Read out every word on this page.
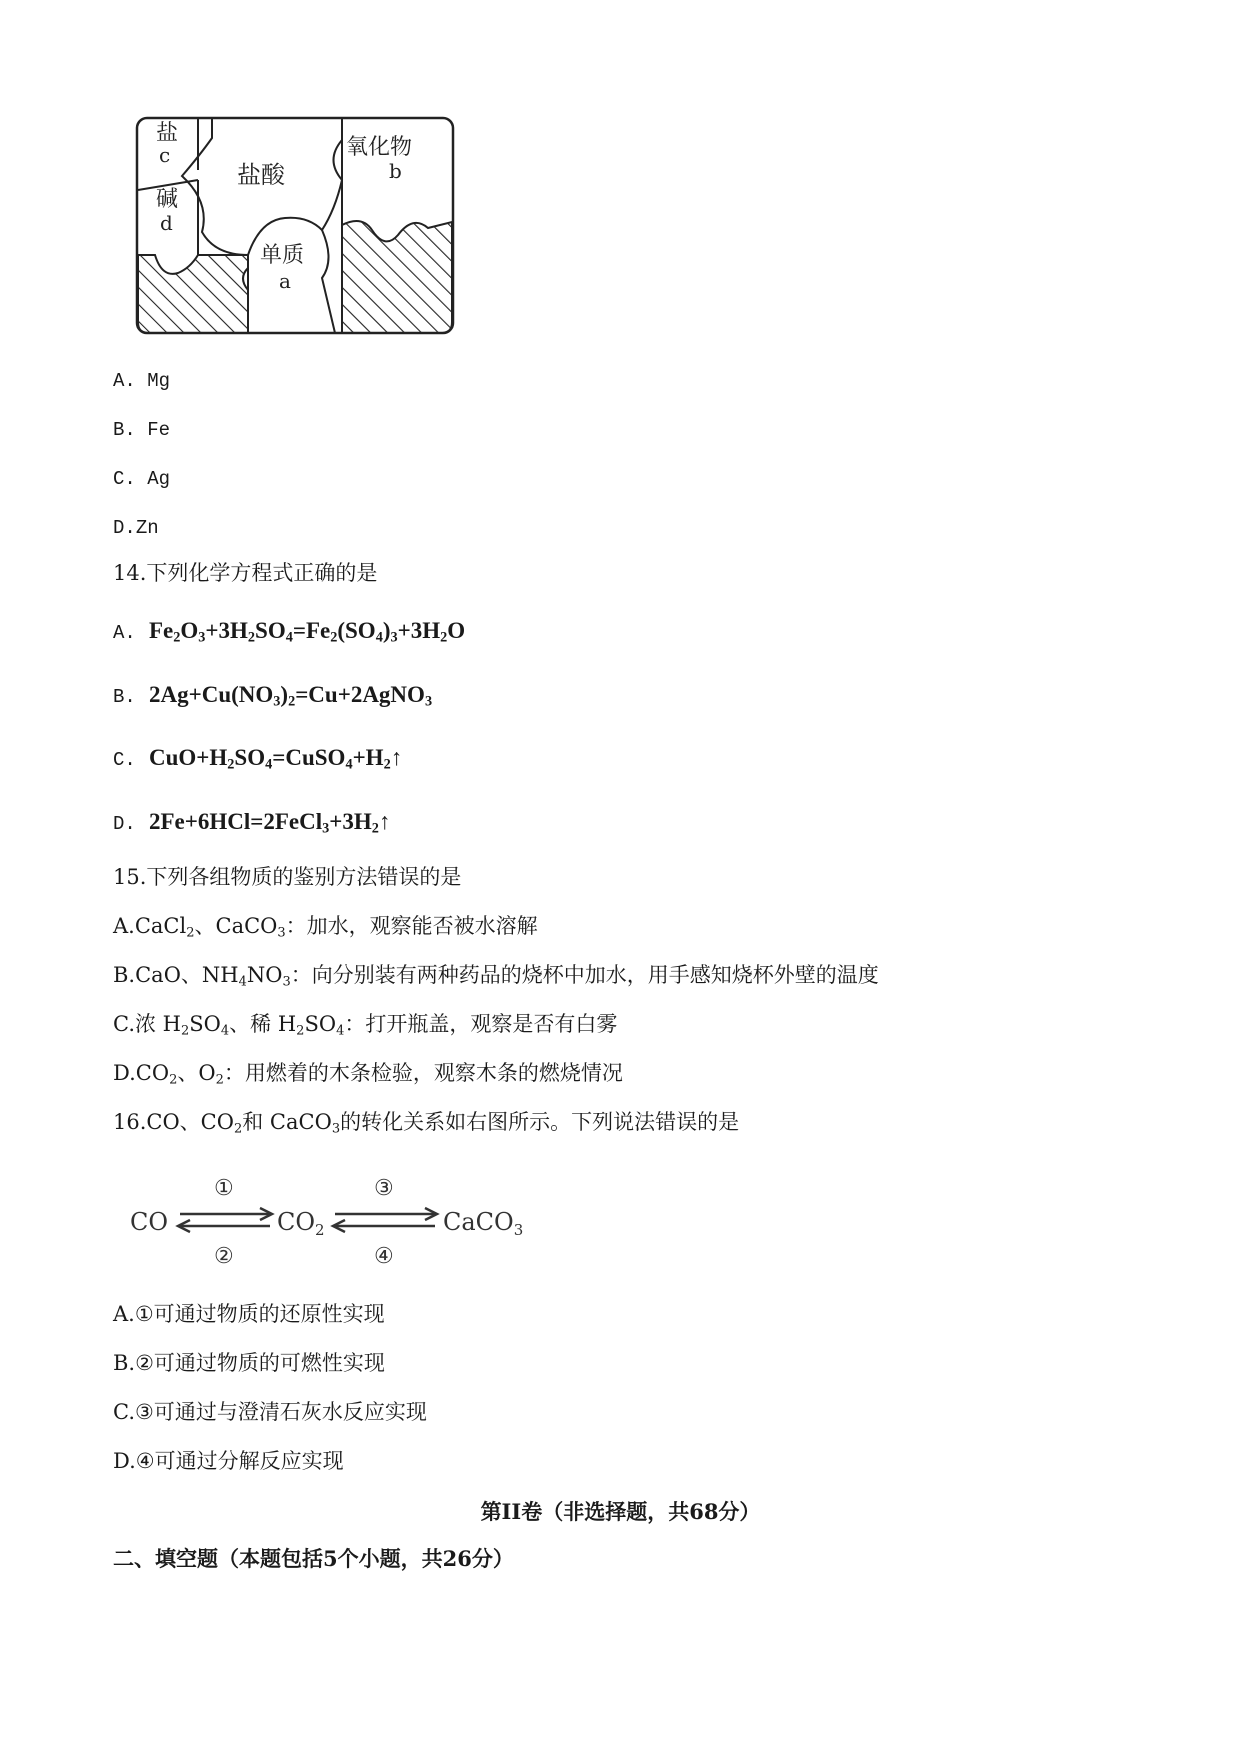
盐
c
碱
d
盐酸
氧化物
b
单质
a
A. Mg
B. Fe
C. Ag
D.Zn
14.下列化学方程式正确的是
A. $Fe_2O_3+3H_2SO_4=Fe_2(SO_4)_3+3H_2O$
B. $2Ag+Cu(NO_3)_2=Cu+2AgNO_3$
C. $CuO+H_2SO_4=CuSO_4+H_2↑$
D. $2Fe+6HCl=2FeCl_3+3H_2↑$
15.下列各组物质的鉴别方法错误的是
A.CaCl$_2$、CaCO$_3$：加水，观察能否被水溶解
B.CaO、$NH_4NO_3$：向分别装有两种药品的烧杯中加水，用手感知烧杯外壁的温度
C.浓 $H_2SO_4$、稀 $H_2SO_4$：打开瓶盖，观察是否有白雾
$D.CO_2$、$O_2$：用燃着的木条检验，观察木条的燃烧情况
16.CO、$CO_2$和 CaCO$_3$的转化关系如右图所示。下列说法错误的是
CO	$CO_2$	CaCO$_3$
①
②
③
④
A.①可通过物质的还原性实现
B.②可通过物质的可燃性实现
C.③可通过与澄清石灰水反应实现
D.④可通过分解反应实现
第II卷（非选择题，共68分）
二、填空题（本题包括5个小题，共26分）
